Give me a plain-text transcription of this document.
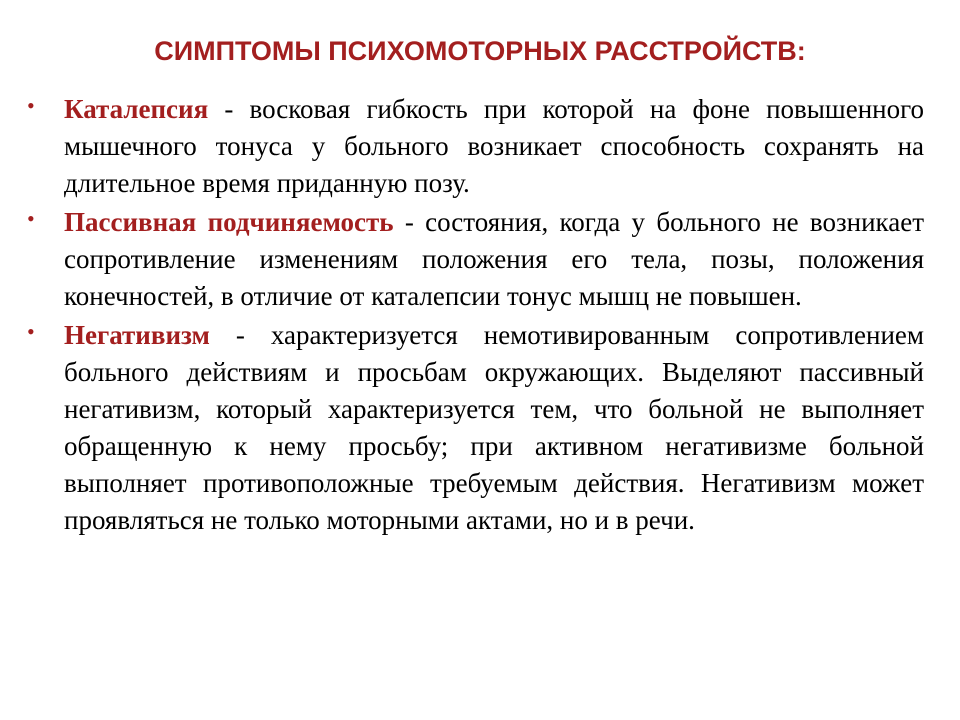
СИМПТОМЫ ПСИХОМОТОРНЫХ РАССТРОЙСТВ:
• Каталепсия - восковая гибкость при которой на фоне повышенного мышечного тонуса у больного возникает способность сохранять на длительное время приданную позу.
• Пассивная подчиняемость - состояния, когда у больного не возникает сопротивление изменениям положения его тела, позы, положения конечностей, в отличие от каталепсии тонус мышц не повышен.
• Негативизм - характеризуется немотивированным сопротивлением больного действиям и просьбам окружающих. Выделяют пассивный негативизм, который характеризуется тем, что больной не выполняет обращенную к нему просьбу; при активном негативизме больной выполняет противоположные требуемым действия. Негативизм может проявляться не только моторными актами, но и в речи.
